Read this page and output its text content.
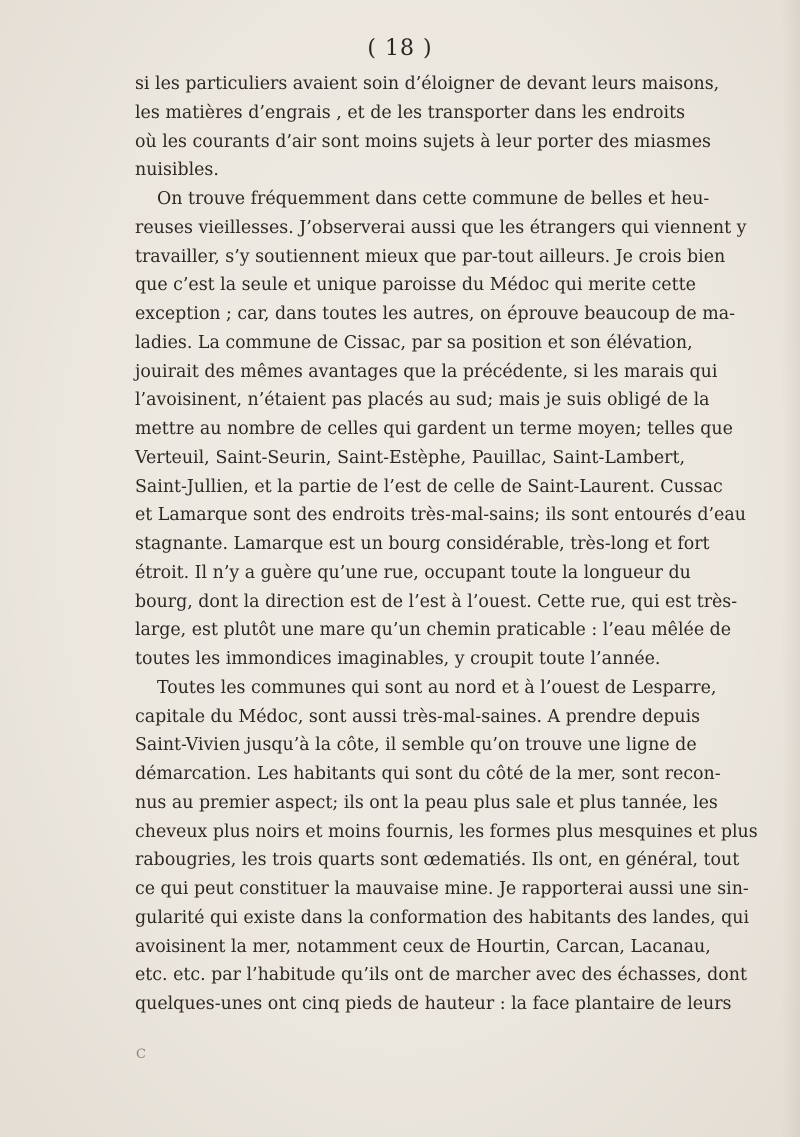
( 18 )
si les particuliers avaient soin d’éloigner de devant leurs maisons,
les matières d’engrais , et de les transporter dans les endroits
où les courants d’air sont moins sujets à leur porter des miasmes
nuisibles.
On trouve fréquemment dans cette commune de belles et heu-
reuses vieillesses. J’observerai aussi que les étrangers qui viennent y
travailler, s’y soutiennent mieux que par-tout ailleurs. Je crois bien
que c’est la seule et unique paroisse du Médoc qui merite cette
exception ; car, dans toutes les autres, on éprouve beaucoup de ma-
ladies. La commune de Cissac, par sa position et son élévation,
jouirait des mêmes avantages que la précédente, si les marais qui
l’avoisinent, n’étaient pas placés au sud; mais je suis obligé de la
mettre au nombre de celles qui gardent un terme moyen; telles que
Verteuil, Saint-Seurin, Saint-Estèphe, Pauillac, Saint-Lambert,
Saint-Jullien, et la partie de l’est de celle de Saint-Laurent. Cussac
et Lamarque sont des endroits très-mal-sains; ils sont entourés d’eau
stagnante. Lamarque est un bourg considérable, très-long et fort
étroit. Il n’y a guère qu’une rue, occupant toute la longueur du
bourg, dont la direction est de l’est à l’ouest. Cette rue, qui est très-
large, est plutôt une mare qu’un chemin praticable : l’eau mêlée de
toutes les immondices imaginables, y croupit toute l’année.
Toutes les communes qui sont au nord et à l’ouest de Lesparre,
capitale du Médoc, sont aussi très-mal-saines. A prendre depuis
Saint-Vivien jusqu’à la côte, il semble qu’on trouve une ligne de
démarcation. Les habitants qui sont du côté de la mer, sont recon-
nus au premier aspect; ils ont la peau plus sale et plus tannée, les
cheveux plus noirs et moins fournis, les formes plus mesquines et plus
rabougries, les trois quarts sont œdematiés. Ils ont, en général, tout
ce qui peut constituer la mauvaise mine. Je rapporterai aussi une sin-
gularité qui existe dans la conformation des habitants des landes, qui
avoisinent la mer, notamment ceux de Hourtin, Carcan, Lacanau,
etc. etc. par l’habitude qu’ils ont de marcher avec des échasses, dont
quelques-unes ont cinq pieds de hauteur : la face plantaire de leurs
C
